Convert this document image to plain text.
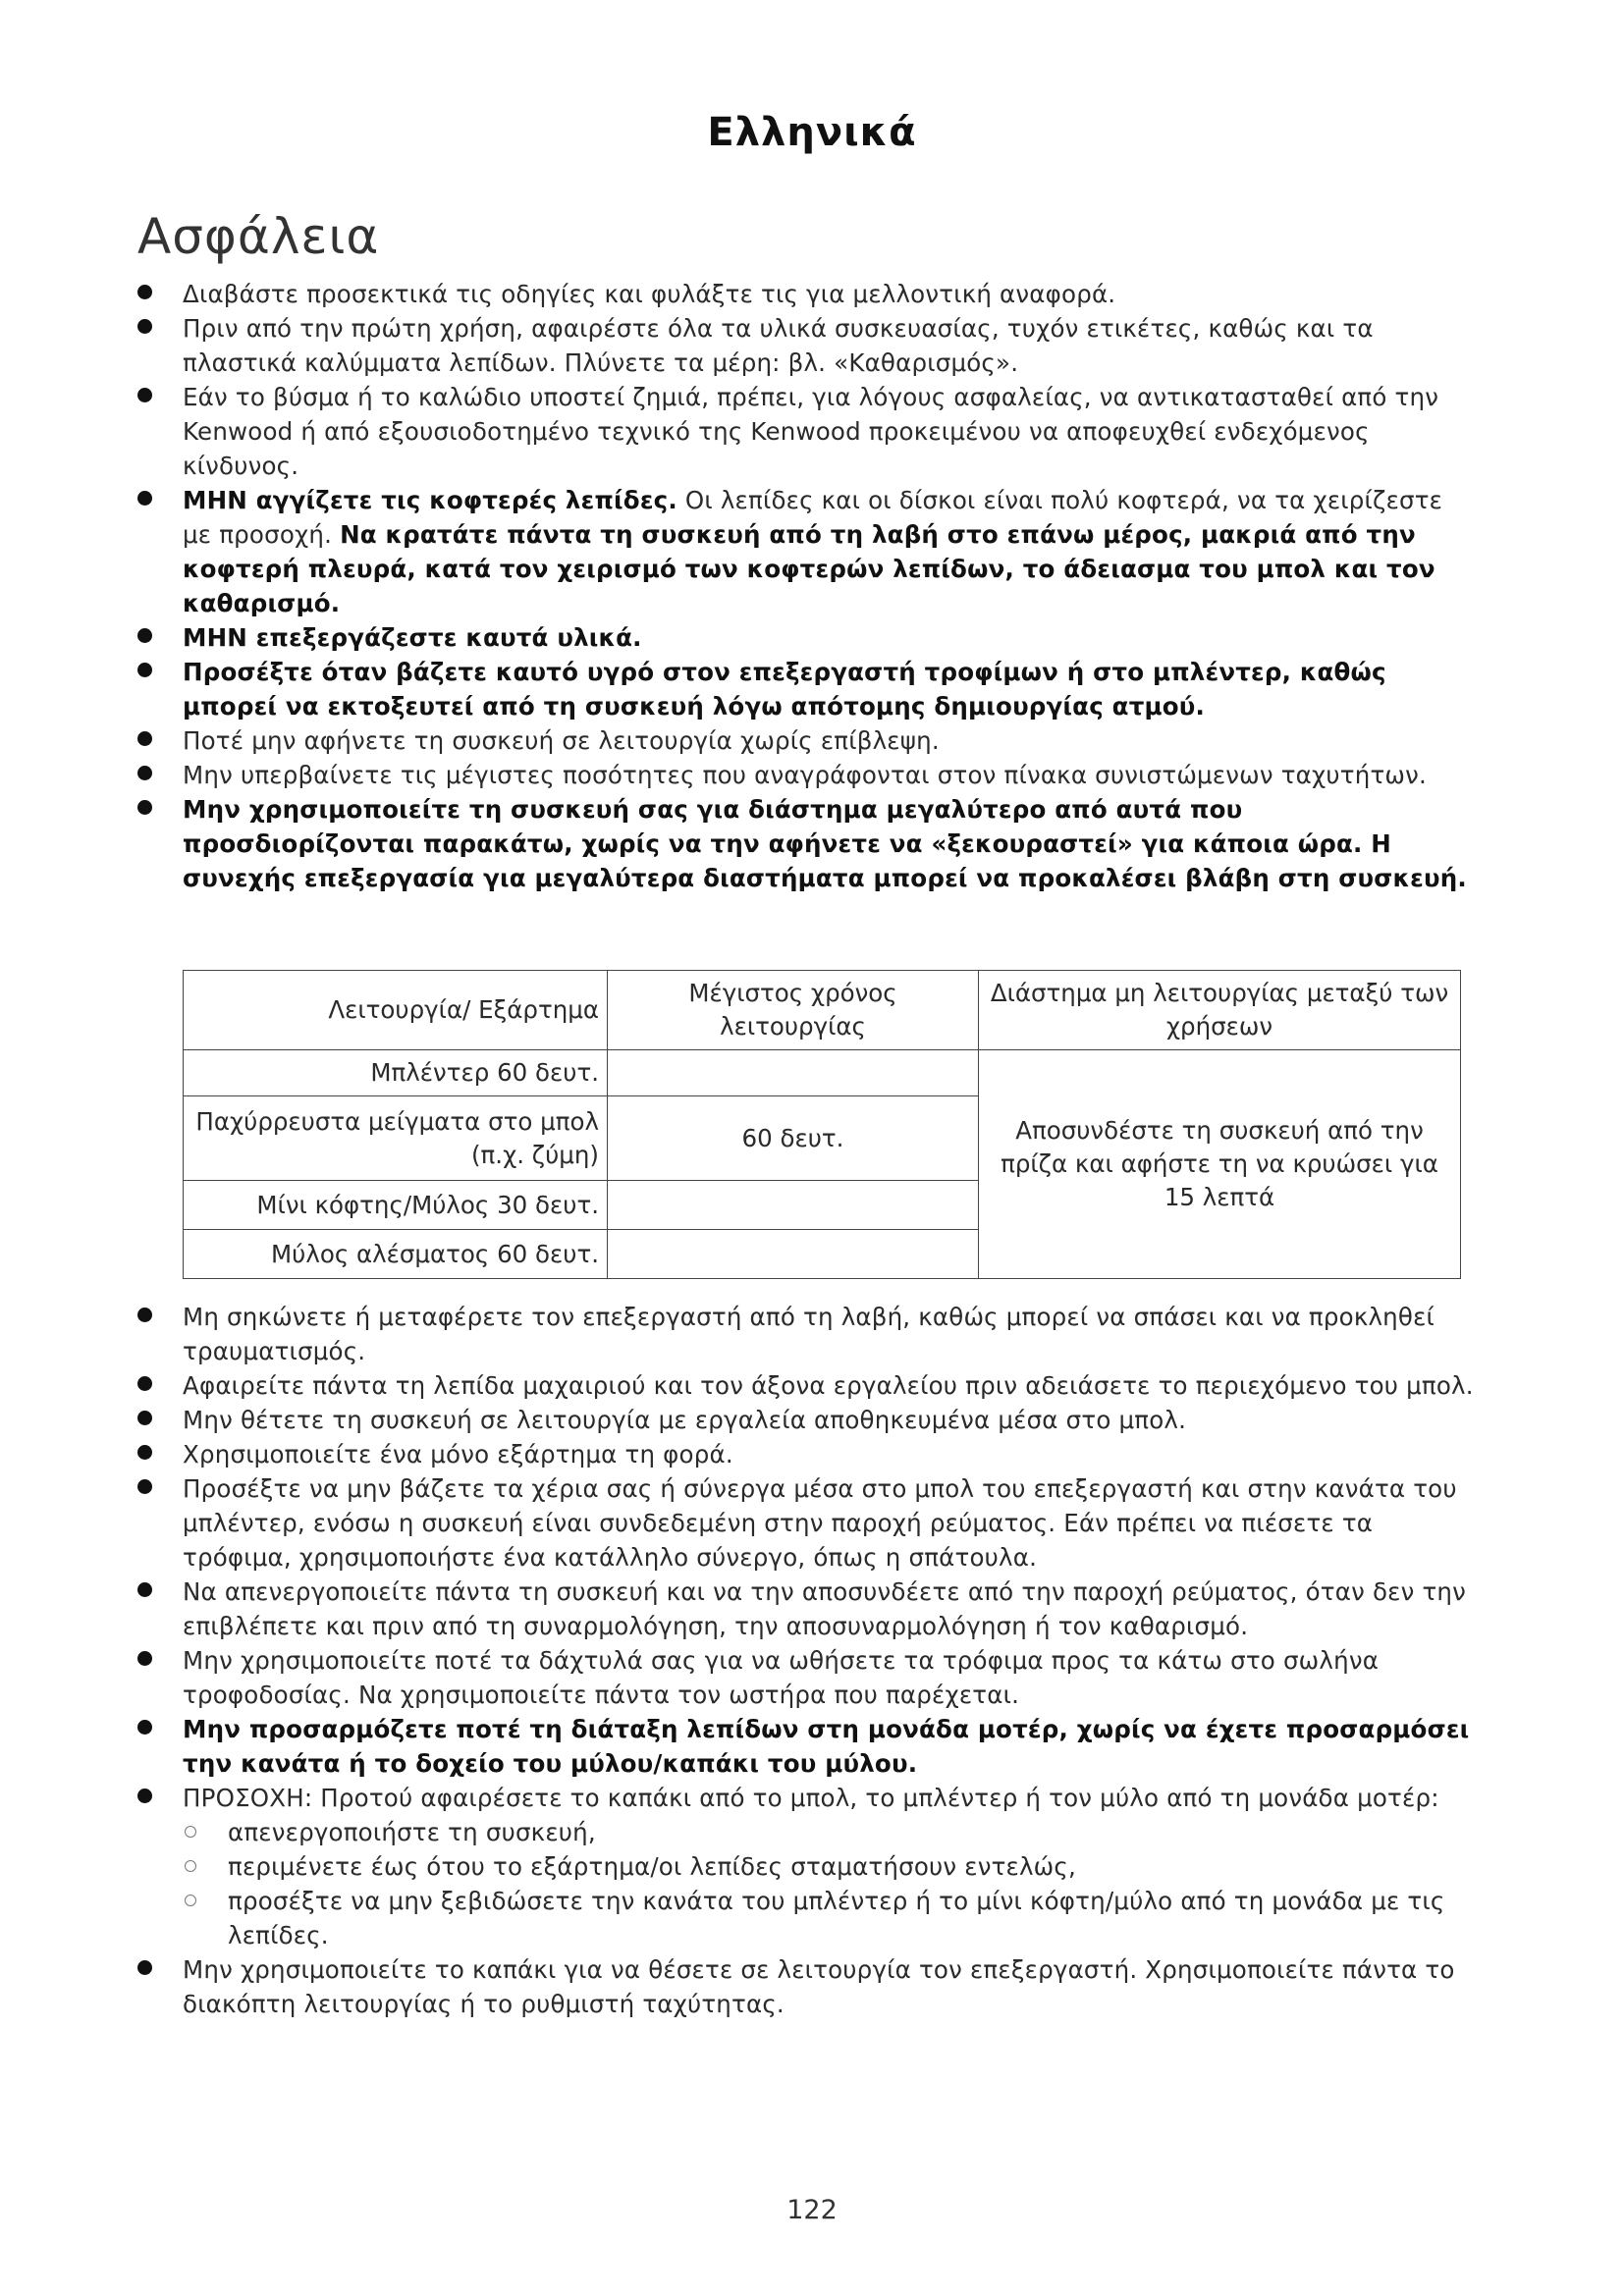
Ελληνικά
Ασφάλεια
Διαβάστε προσεκτικά τις οδηγίες και φυλάξτε τις για μελλοντική αναφορά.
Πριν από την πρώτη χρήση, αφαιρέστε όλα τα υλικά συσκευασίας, τυχόν ετικέτες, καθώς και τα πλαστικά καλύμματα λεπίδων. Πλύνετε τα μέρη: βλ. «Καθαρισμός».
Εάν το βύσμα ή το καλώδιο υποστεί ζημιά, πρέπει, για λόγους ασφαλείας, να αντικατασταθεί από την Kenwood ή από εξουσιοδοτημένο τεχνικό της Kenwood προκειμένου να αποφευχθεί ενδεχόμενος κίνδυνος.
ΜΗΝ αγγίζετε τις κοφτερές λεπίδες. Οι λεπίδες και οι δίσκοι είναι πολύ κοφτερά, να τα χειρίζεστε με προσοχή. Να κρατάτε πάντα τη συσκευή από τη λαβή στο επάνω μέρος, μακριά από την κοφτερή πλευρά, κατά τον χειρισμό των κοφτερών λεπίδων, το άδειασμα του μπολ και τον καθαρισμό.
ΜΗΝ επεξεργάζεστε καυτά υλικά.
Προσέξτε όταν βάζετε καυτό υγρό στον επεξεργαστή τροφίμων ή στο μπλέντερ, καθώς μπορεί να εκτοξευτεί από τη συσκευή λόγω απότομης δημιουργίας ατμού.
Ποτέ μην αφήνετε τη συσκευή σε λειτουργία χωρίς επίβλεψη.
Μην υπερβαίνετε τις μέγιστες ποσότητες που αναγράφονται στον πίνακα συνιστώμενων ταχυτήτων.
Μην χρησιμοποιείτε τη συσκευή σας για διάστημα μεγαλύτερο από αυτά που προσδιορίζονται παρακάτω, χωρίς να την αφήνετε να «ξεκουραστεί» για κάποια ώρα. Η συνεχής επεξεργασία για μεγαλύτερα διαστήματα μπορεί να προκαλέσει βλάβη στη συσκευή.
Λειτουργία/ Εξάρτημα	Μέγιστος χρόνος λειτουργίας	Διάστημα μη λειτουργίας μεταξύ των χρήσεων
Μπλέντερ 60 δευτ.		Αποσυνδέστε τη συσκευή από την πρίζα και αφήστε τη να κρυώσει για 15 λεπτά
Παχύρρευστα μείγματα στο μπολ (π.χ. ζύμη)	60 δευτ.	
Μίνι κόφτης/Μύλος 30 δευτ.		
Μύλος αλέσματος 60 δευτ.		
Μη σηκώνετε ή μεταφέρετε τον επεξεργαστή από τη λαβή, καθώς μπορεί να σπάσει και να προκληθεί τραυματισμός.
Αφαιρείτε πάντα τη λεπίδα μαχαιριού και τον άξονα εργαλείου πριν αδειάσετε το περιεχόμενο του μπολ.
Μην θέτετε τη συσκευή σε λειτουργία με εργαλεία αποθηκευμένα μέσα στο μπολ.
Χρησιμοποιείτε ένα μόνο εξάρτημα τη φορά.
Προσέξτε να μην βάζετε τα χέρια σας ή σύνεργα μέσα στο μπολ του επεξεργαστή και στην κανάτα του μπλέντερ, ενόσω η συσκευή είναι συνδεδεμένη στην παροχή ρεύματος. Εάν πρέπει να πιέσετε τα τρόφιμα, χρησιμοποιήστε ένα κατάλληλο σύνεργο, όπως η σπάτουλα.
Να απενεργοποιείτε πάντα τη συσκευή και να την αποσυνδέετε από την παροχή ρεύματος, όταν δεν την επιβλέπετε και πριν από τη συναρμολόγηση, την αποσυναρμολόγηση ή τον καθαρισμό.
Μην χρησιμοποιείτε ποτέ τα δάχτυλά σας για να ωθήσετε τα τρόφιμα προς τα κάτω στο σωλήνα τροφοδοσίας. Να χρησιμοποιείτε πάντα τον ωστήρα που παρέχεται.
Μην προσαρμόζετε ποτέ τη διάταξη λεπίδων στη μονάδα μοτέρ, χωρίς να έχετε προσαρμόσει την κανάτα ή το δοχείο του μύλου/καπάκι του μύλου.
ΠΡΟΣΟΧΗ: Προτού αφαιρέσετε το καπάκι από το μπολ, το μπλέντερ ή τον μύλο από τη μονάδα μοτέρ:
απενεργοποιήστε τη συσκευή,
περιμένετε έως ότου το εξάρτημα/οι λεπίδες σταματήσουν εντελώς,
προσέξτε να μην ξεβιδώσετε την κανάτα του μπλέντερ ή το μίνι κόφτη/μύλο από τη μονάδα με τις λεπίδες.
Μην χρησιμοποιείτε το καπάκι για να θέσετε σε λειτουργία τον επεξεργαστή. Χρησιμοποιείτε πάντα το διακόπτη λειτουργίας ή το ρυθμιστή ταχύτητας.
122
